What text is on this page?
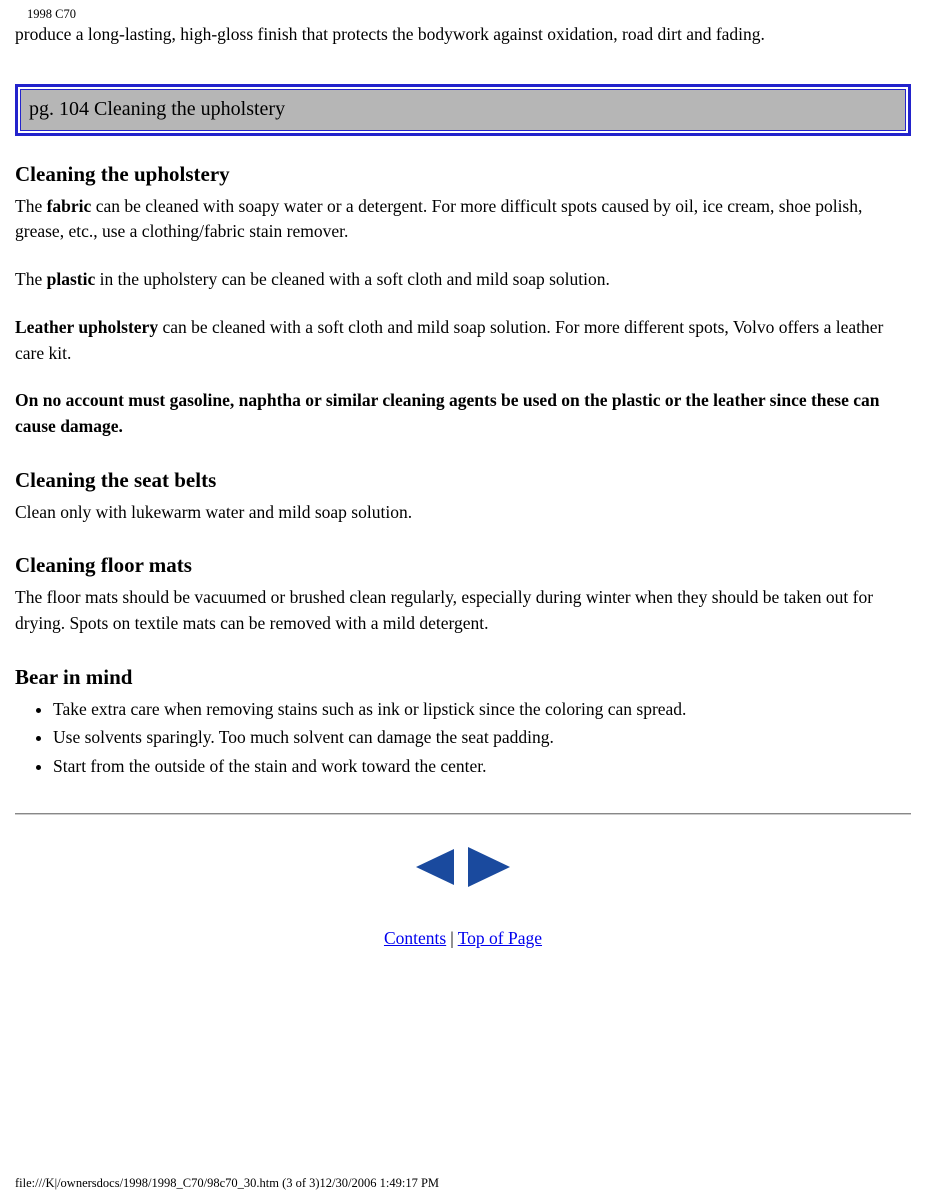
1998 C70

produce a long-lasting, high-gloss finish that protects the bodywork against oxidation, road dirt and fading.

pg. 104 Cleaning the upholstery
Cleaning the upholstery

The fabric can be cleaned with soapy water or a detergent. For more difficult spots caused by oil, ice cream, shoe polish, grease, etc., use a clothing/fabric stain remover.

The plastic in the upholstery can be cleaned with a soft cloth and mild soap solution.

Leather upholstery can be cleaned with a soft cloth and mild soap solution. For more different spots, Volvo offers a leather care kit.

On no account must gasoline, naphtha or similar cleaning agents be used on the plastic or the leather since these can cause damage.

Cleaning the seat belts

Clean only with lukewarm water and mild soap solution.

Cleaning floor mats

The floor mats should be vacuumed or brushed clean regularly, especially during winter when they should be taken out for drying. Spots on textile mats can be removed with a mild detergent.

Bear in mind
• Take extra care when removing stains such as ink or lipstick since the coloring can spread.
• Use solvents sparingly. Too much solvent can damage the seat padding.
• Start from the outside of the stain and work toward the center.

Contents | Top of Page
file:///K|/ownersdocs/1998/1998_C70/98c70_30.htm (3 of 3)12/30/2006 1:49:17 PM
